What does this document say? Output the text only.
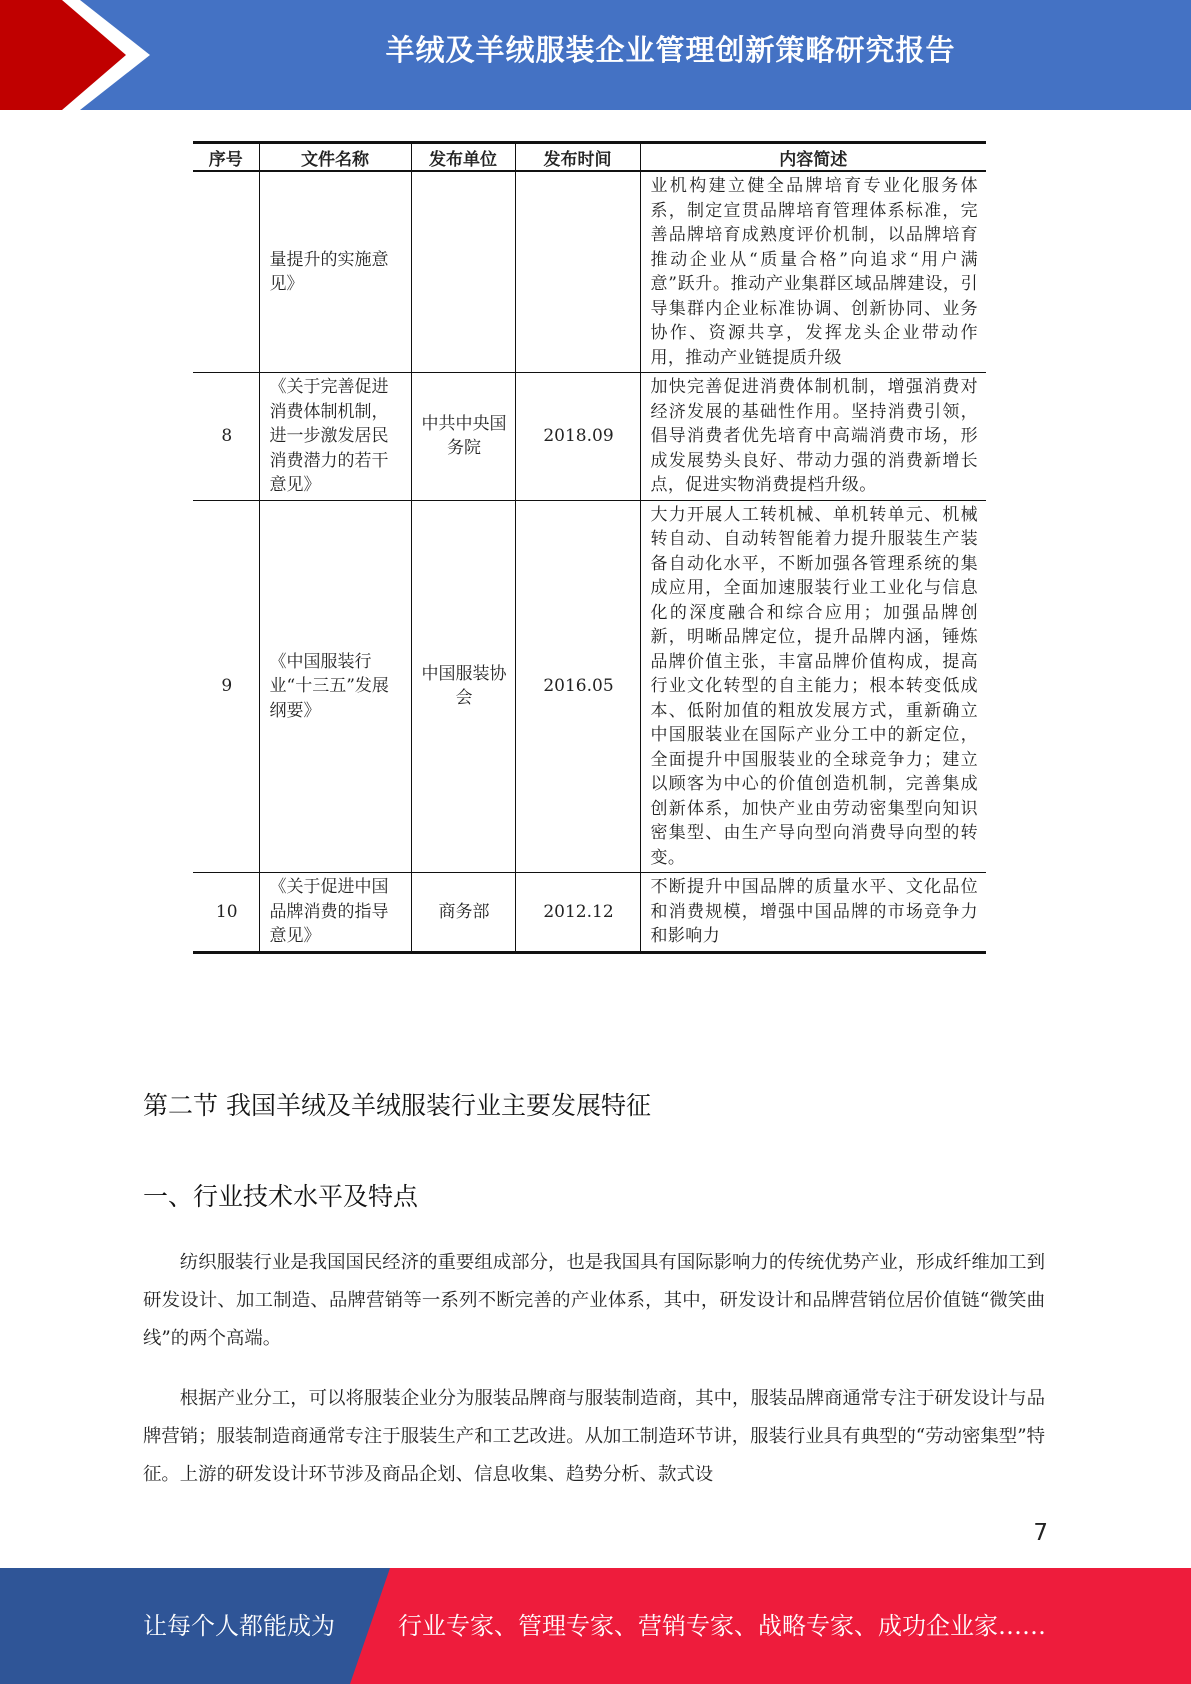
羊绒及羊绒服装企业管理创新策略研究报告
序号	文件名称	发布单位	发布时间	内容简述
	量提升的实施意见》			业机构建立健全品牌培育专业化服务体系，制定宣贯品牌培育管理体系标准，完善品牌培育成熟度评价机制，以品牌培育推动企业从“质量合格”向追求“用户满意”跃升。推动产业集群区域品牌建设，引导集群内企业标准协调、创新协同、业务协作、资源共享，发挥龙头企业带动作用，推动产业链提质升级
8	《关于完善促进消费体制机制，进一步激发居民消费潜力的若干意见》	中共中央国务院	2018.09	加快完善促进消费体制机制，增强消费对经济发展的基础性作用。坚持消费引领，倡导消费者优先培育中高端消费市场，形成发展势头良好、带动力强的消费新增长点，促进实物消费提档升级。
9	《中国服装行业“十三五”发展纲要》	中国服装协会	2016.05	大力开展人工转机械、单机转单元、机械转自动、自动转智能着力提升服装生产装备自动化水平，不断加强各管理系统的集成应用，全面加速服装行业工业化与信息化的深度融合和综合应用；加强品牌创新，明晰品牌定位，提升品牌内涵，锤炼品牌价值主张，丰富品牌价值构成，提高行业文化转型的自主能力；根本转变低成本、低附加值的粗放发展方式，重新确立中国服装业在国际产业分工中的新定位，全面提升中国服装业的全球竞争力；建立以顾客为中心的价值创造机制，完善集成创新体系，加快产业由劳动密集型向知识密集型、由生产导向型向消费导向型的转变。
10	《关于促进中国品牌消费的指导意见》	商务部	2012.12	不断提升中国品牌的质量水平、文化品位和消费规模，增强中国品牌的市场竞争力和影响力
第二节 我国羊绒及羊绒服装行业主要发展特征
一、行业技术水平及特点

纺织服装行业是我国国民经济的重要组成部分，也是我国具有国际影响力的传统优势产业，形成纤维加工到研发设计、加工制造、品牌营销等一系列不断完善的产业体系，其中，研发设计和品牌营销位居价值链“微笑曲线”的两个高端。

根据产业分工，可以将服装企业分为服装品牌商与服装制造商，其中，服装品牌商通常专注于研发设计与品牌营销；服装制造商通常专注于服装生产和工艺改进。从加工制造环节讲，服装行业具有典型的“劳动密集型”特征。上游的研发设计环节涉及商品企划、信息收集、趋势分析、款式设

7
让每个人都能成为	行业专家、管理专家、营销专家、战略专家、成功企业家……
